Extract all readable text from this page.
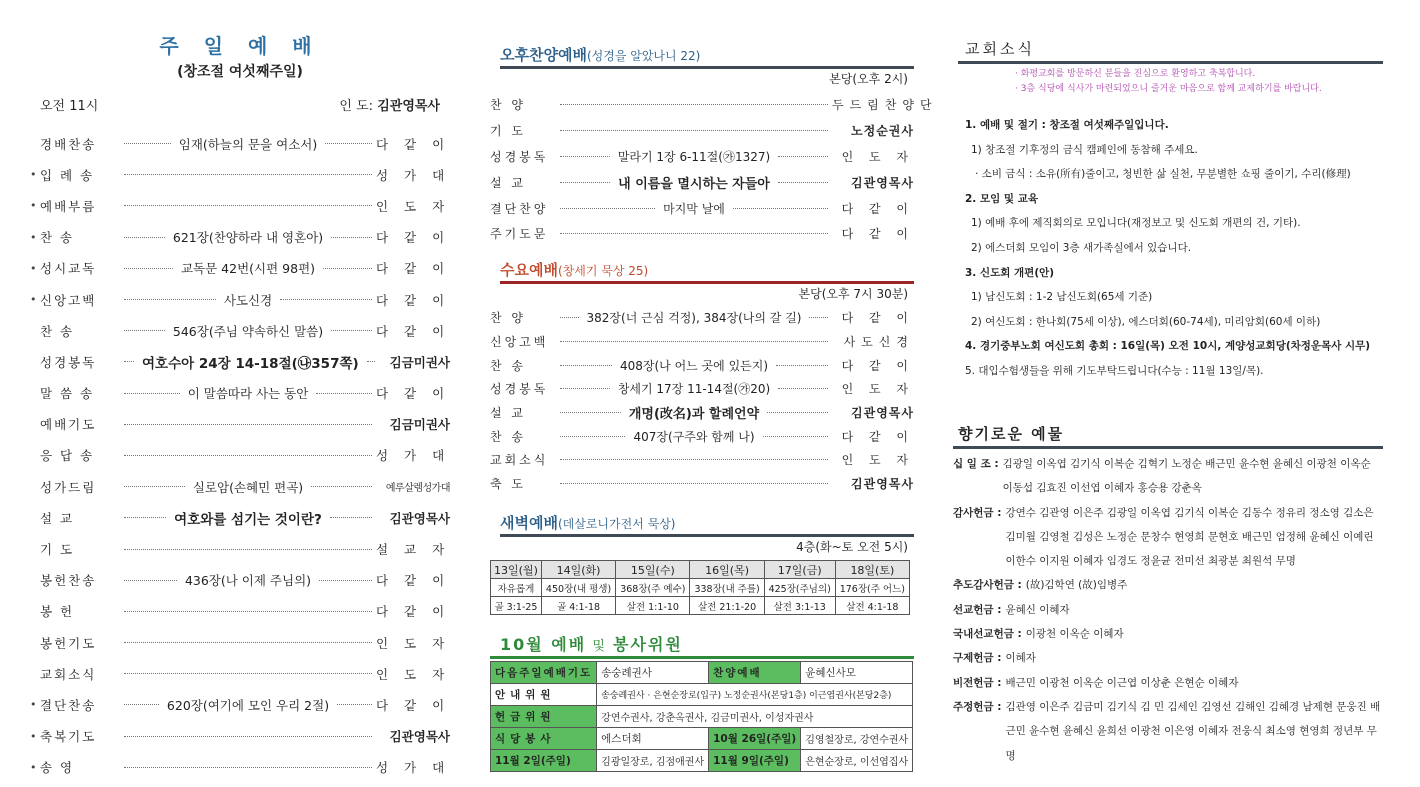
주 일 예 배
(창조절 여섯째주일)
오전 11시	인 도: 김관영목사
경배찬송	임재(하늘의 문을 여소서)	다 같 이
• 입 례 송	성 가 대
• 예배부름	인 도 자
• 찬 송	621장(찬양하라 내 영혼아)	다 같 이
• 성시교독	교독문 42번(시편 98편)	다 같 이
• 신앙고백	사도신경	다 같 이
찬 송	546장(주님 약속하신 말씀)	다 같 이
성경봉독	여호수아 24장 14-18절(㉯357쪽)	김금미권사
말 씀 송	이 말씀따라 사는 동안	다 같 이
예배기도	김금미권사
응 답 송	성 가 대
성가드림	실로암(손혜민 편곡)	예루살렘성가대
설 교	여호와를 섬기는 것이란?	김관영목사
기 도	설 교 자
봉헌찬송	436장(나 이제 주님의)	다 같 이
봉 헌	다 같 이
봉헌기도	인 도 자
교회소식	인 도 자
• 결단찬송	620장(여기에 모인 우리 2절)	다 같 이
• 축복기도	김관영목사
• 송 영	성 가 대
오후찬양예배(성경을 알았나니 22)
본당(오후 2시)
찬 양	두드림찬양단
기 도	노정순권사
성경봉독	말라기 1장 6-11절(㉮1327)	인 도 자
설 교	내 이름을 멸시하는 자들아	김관영목사
결단찬양	마지막 날에	다 같 이
주기도문	다 같 이
수요예배(창세기 묵상 25)
본당(오후 7시 30분)
찬 양	382장(너 근심 걱정), 384장(나의 갈 길)	다 같 이
신앙고백	사도신경
찬 송	408장(나 어느 곳에 있든지)	다 같 이
성경봉독	창세기 17장 11-14절(㉮20)	인 도 자
설 교	개명(改名)과 할례언약	김관영목사
찬 송	407장(구주와 함께 나)	다 같 이
교회소식	인 도 자
축 도	김관영목사
새벽예배(데살로니가전서 묵상)
4층(화~토 오전 5시)
13일(월)	14일(화)	15일(수)	16일(목)	17일(금)	18일(토)
자유롭게	450장(내 평생)	368장(주 예수)	338장(내 주를)	425장(주님의)	176장(주 어느)
골 3:1-25	골 4:1-18	살전 1:1-10	살전 21:1-20	살전 3:1-13	살전 4:1-18
10월 예배 및 봉사위원
다음주일예배기도	송숭례권사	찬양예배	윤혜신사모
안내위원	송숭례권사 · 은현순장로(입구) 노정순권사(본당1층) 이근엽권사(본당2층)		
헌금위원	강연수권사, 강춘옥권사, 김금미권사, 이성자권사		
식당봉사	에스더회	10월 26일(주일)	김영철장로, 강연수권사
11월 2일(주일)	김광일장로, 김점애권사	11월 9일(주일)	은현순장로, 이선엽집사
교회소식
· 화평교회를 방문하신 분들을 진심으로 환영하고 축복합니다.
· 3층 식당에 식사가 마련되었으니 즐거운 마음으로 함께 교제하기를 바랍니다.
1. 예배 및 절기 : 창조절 여섯째주일입니다.
1) 창조절 기후정의 금식 캠페인에 동참해 주세요.
· 소비 금식 : 소유(所有)줄이고, 청빈한 삶 실천, 무분별한 쇼핑 줄이기, 수리(修理)
2. 모임 및 교육
1) 예배 후에 제직회의로 모입니다(재정보고 및 신도회 개편의 건, 기타).
2) 에스더회 모임이 3층 새가족실에서 있습니다.
3. 신도회 개편(안)
1) 남신도회 : 1-2 남신도회(65세 기준)
2) 여신도회 : 한나회(75세 이상), 에스더회(60-74세), 미리암회(60세 이하)
4. 경기중부노회 여신도회 총회 : 16일(목) 오전 10시, 계양성교회당(차정운목사 시무)
5. 대입수험생들을 위해 기도부탁드립니다(수능 : 11월 13일/목).
향기로운 예물
십 일 조 : 김광일 이옥엽 김기식 이복순 김혁기 노정순 배근민 윤수현 윤혜신 이광천 이옥순 이동섭 김효진 이선엽 이혜자 홍승용 강춘옥
감사헌금 : 강연수 김관영 이은주 김광일 이옥엽 김기식 이복순 김동수 정유리 정소영 김소은 김미월 김영철 김성은 노정순 문창수 현영희 문현호 배근민 엄정해 윤혜신 이예린 이한수 이지원 이혜자 임경도 정윤균 전미선 최광분 최원석 무명
추도감사헌금 : (故)김학연 (故)임병주
선교헌금 : 윤혜신 이혜자
국내선교헌금 : 이광천 이옥순 이혜자
구제헌금 : 이혜자
비전헌금 : 배근민 이광천 이옥순 이근엽 이상춘 은현순 이혜자
주정헌금 : 김관영 이은주 김금미 김기식 김 민 김세인 김영선 김해인 김혜경 남제현 문웅진 배근민 윤수현 윤혜신 윤희선 이광천 이은영 이혜자 전웅식 최소영 현영희 정년부 무명
